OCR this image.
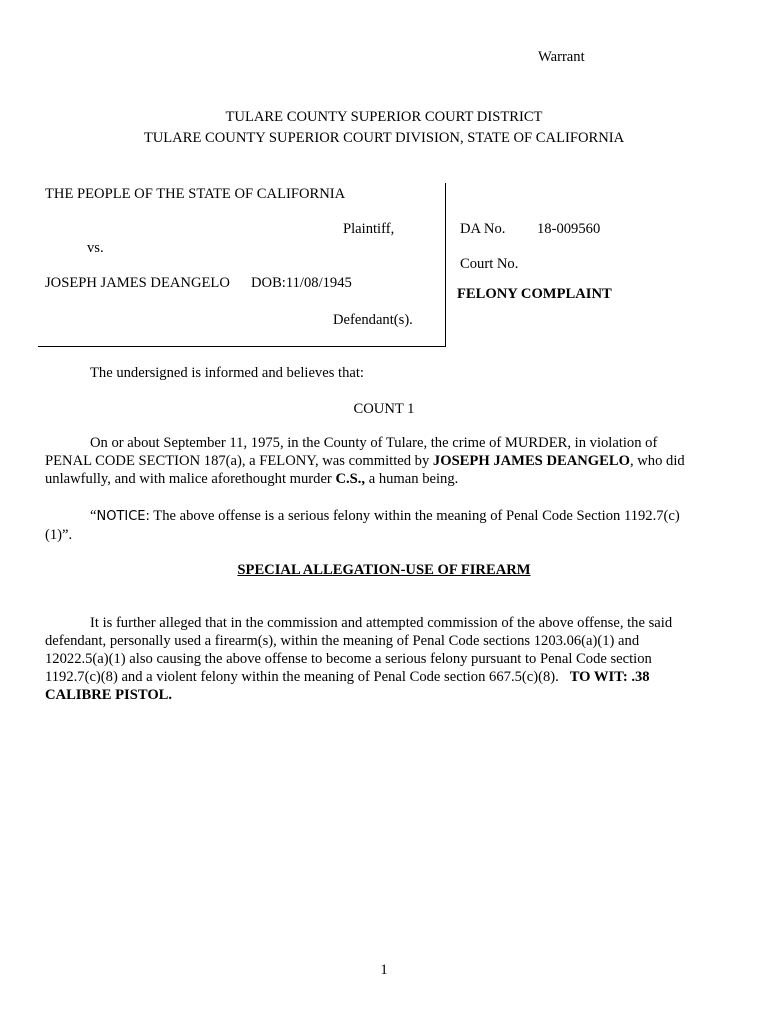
Warrant
TULARE COUNTY SUPERIOR COURT DISTRICT
TULARE COUNTY SUPERIOR COURT DIVISION, STATE OF CALIFORNIA
THE PEOPLE OF THE STATE OF CALIFORNIA
Plaintiff,
vs.
JOSEPH JAMES DEANGELO DOB:11/08/1945
Defendant(s).
DA No. 18-009560
Court No.
FELONY COMPLAINT
The undersigned is informed and believes that:
COUNT 1
On or about September 11, 1975, in the County of Tulare, the crime of MURDER, in violation of PENAL CODE SECTION 187(a), a FELONY, was committed by JOSEPH JAMES DEANGELO, who did unlawfully, and with malice aforethought murder C.S., a human being.
“NOTICE: The above offense is a serious felony within the meaning of Penal Code Section 1192.7(c)(1)”.
SPECIAL ALLEGATION-USE OF FIREARM
It is further alleged that in the commission and attempted commission of the above offense, the said defendant, personally used a firearm(s), within the meaning of Penal Code sections 1203.06(a)(1) and 12022.5(a)(1) also causing the above offense to become a serious felony pursuant to Penal Code section 1192.7(c)(8) and a violent felony within the meaning of Penal Code section 667.5(c)(8). TO WIT: .38 CALIBRE PISTOL.
1
